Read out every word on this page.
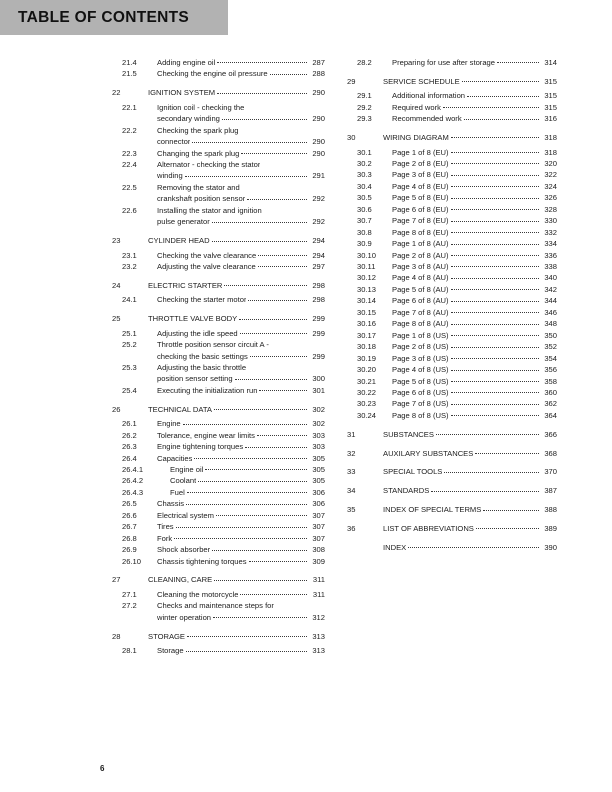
TABLE OF CONTENTS
21.4	Adding engine oil	287
21.5	Checking the engine oil pressure	288
22	IGNITION SYSTEM	290
22.1	Ignition coil - checking the
secondary winding	290
22.2	Checking the spark plug
connector	290
22.3	Changing the spark plug	290
22.4	Alternator - checking the stator
winding	291
22.5	Removing the stator and
crankshaft position sensor	292
22.6	Installing the stator and ignition
pulse generator	292
23	CYLINDER HEAD	294
23.1	Checking the valve clearance	294
23.2	Adjusting the valve clearance	297
24	ELECTRIC STARTER	298
24.1	Checking the starter motor	298
25	THROTTLE VALVE BODY	299
25.1	Adjusting the idle speed	299
25.2	Throttle position sensor circuit A -
checking the basic settings	299
25.3	Adjusting the basic throttle
position sensor setting	300
25.4	Executing the initialization run	301
26	TECHNICAL DATA	302
26.1	Engine	302
26.2	Tolerance, engine wear limits	303
26.3	Engine tightening torques	303
26.4	Capacities	305
26.4.1	Engine oil	305
26.4.2	Coolant	305
26.4.3	Fuel	306
26.5	Chassis	306
26.6	Electrical system	307
26.7	Tires	307
26.8	Fork	307
26.9	Shock absorber	308
26.10	Chassis tightening torques	309
27	CLEANING, CARE	311
27.1	Cleaning the motorcycle	311
27.2	Checks and maintenance steps for
winter operation	312
28	STORAGE	313
28.1	Storage	313
28.2	Preparing for use after storage	314
29	SERVICE SCHEDULE	315
29.1	Additional information	315
29.2	Required work	315
29.3	Recommended work	316
30	WIRING DIAGRAM	318
30.1	Page 1 of 8 (EU)	318
30.2	Page 2 of 8 (EU)	320
30.3	Page 3 of 8 (EU)	322
30.4	Page 4 of 8 (EU)	324
30.5	Page 5 of 8 (EU)	326
30.6	Page 6 of 8 (EU)	328
30.7	Page 7 of 8 (EU)	330
30.8	Page 8 of 8 (EU)	332
30.9	Page 1 of 8 (AU)	334
30.10	Page 2 of 8 (AU)	336
30.11	Page 3 of 8 (AU)	338
30.12	Page 4 of 8 (AU)	340
30.13	Page 5 of 8 (AU)	342
30.14	Page 6 of 8 (AU)	344
30.15	Page 7 of 8 (AU)	346
30.16	Page 8 of 8 (AU)	348
30.17	Page 1 of 8 (US)	350
30.18	Page 2 of 8 (US)	352
30.19	Page 3 of 8 (US)	354
30.20	Page 4 of 8 (US)	356
30.21	Page 5 of 8 (US)	358
30.22	Page 6 of 8 (US)	360
30.23	Page 7 of 8 (US)	362
30.24	Page 8 of 8 (US)	364
31	SUBSTANCES	366
32	AUXILARY SUBSTANCES	368
33	SPECIAL TOOLS	370
34	STANDARDS	387
35	INDEX OF SPECIAL TERMS	388
36	LIST OF ABBREVIATIONS	389
INDEX	390
6
